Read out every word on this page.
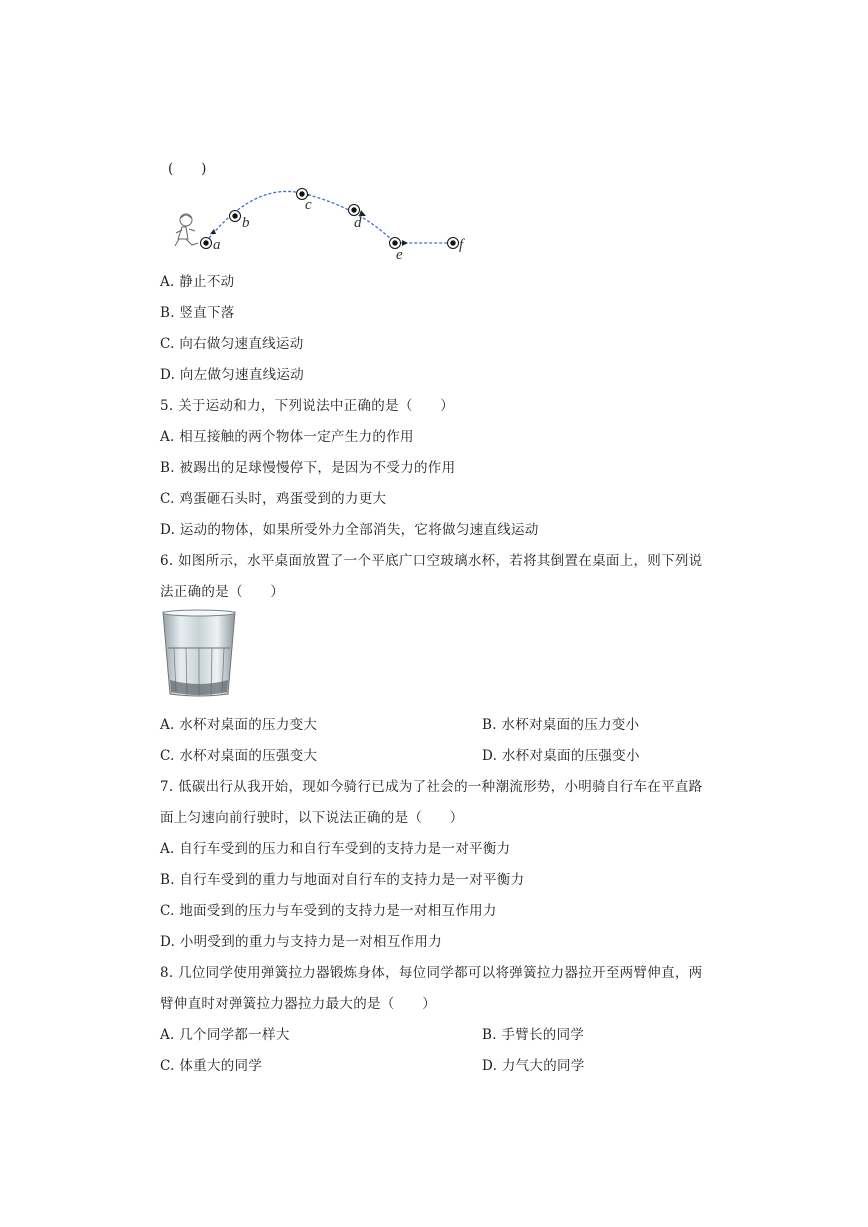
(　　)
a
b
c
d
e
f
A. 静止不动
B. 竖直下落
C. 向右做匀速直线运动
D. 向左做匀速直线运动
5. 关于运动和力，下列说法中正确的是（　　）
A. 相互接触的两个物体一定产生力的作用
B. 被踢出的足球慢慢停下，是因为不受力的作用
C. 鸡蛋砸石头时，鸡蛋受到的力更大
D. 运动的物体，如果所受外力全部消失，它将做匀速直线运动
6. 如图所示，水平桌面放置了一个平底广口空玻璃水杯，若将其倒置在桌面上，则下列说
法正确的是（　　）
A. 水杯对桌面的压力变大	B. 水杯对桌面的压力变小
C. 水杯对桌面的压强变大	D. 水杯对桌面的压强变小
7. 低碳出行从我开始，现如今骑行已成为了社会的一种潮流形势，小明骑自行车在平直路
面上匀速向前行驶时，以下说法正确的是（　　）
A. 自行车受到的压力和自行车受到的支持力是一对平衡力
B. 自行车受到的重力与地面对自行车的支持力是一对平衡力
C. 地面受到的压力与车受到的支持力是一对相互作用力
D. 小明受到的重力与支持力是一对相互作用力
8. 几位同学使用弹簧拉力器锻炼身体，每位同学都可以将弹簧拉力器拉开至两臂伸直，两
臂伸直时对弹簧拉力器拉力最大的是（　　）
A. 几个同学都一样大	B. 手臂长的同学
C. 体重大的同学	D. 力气大的同学
